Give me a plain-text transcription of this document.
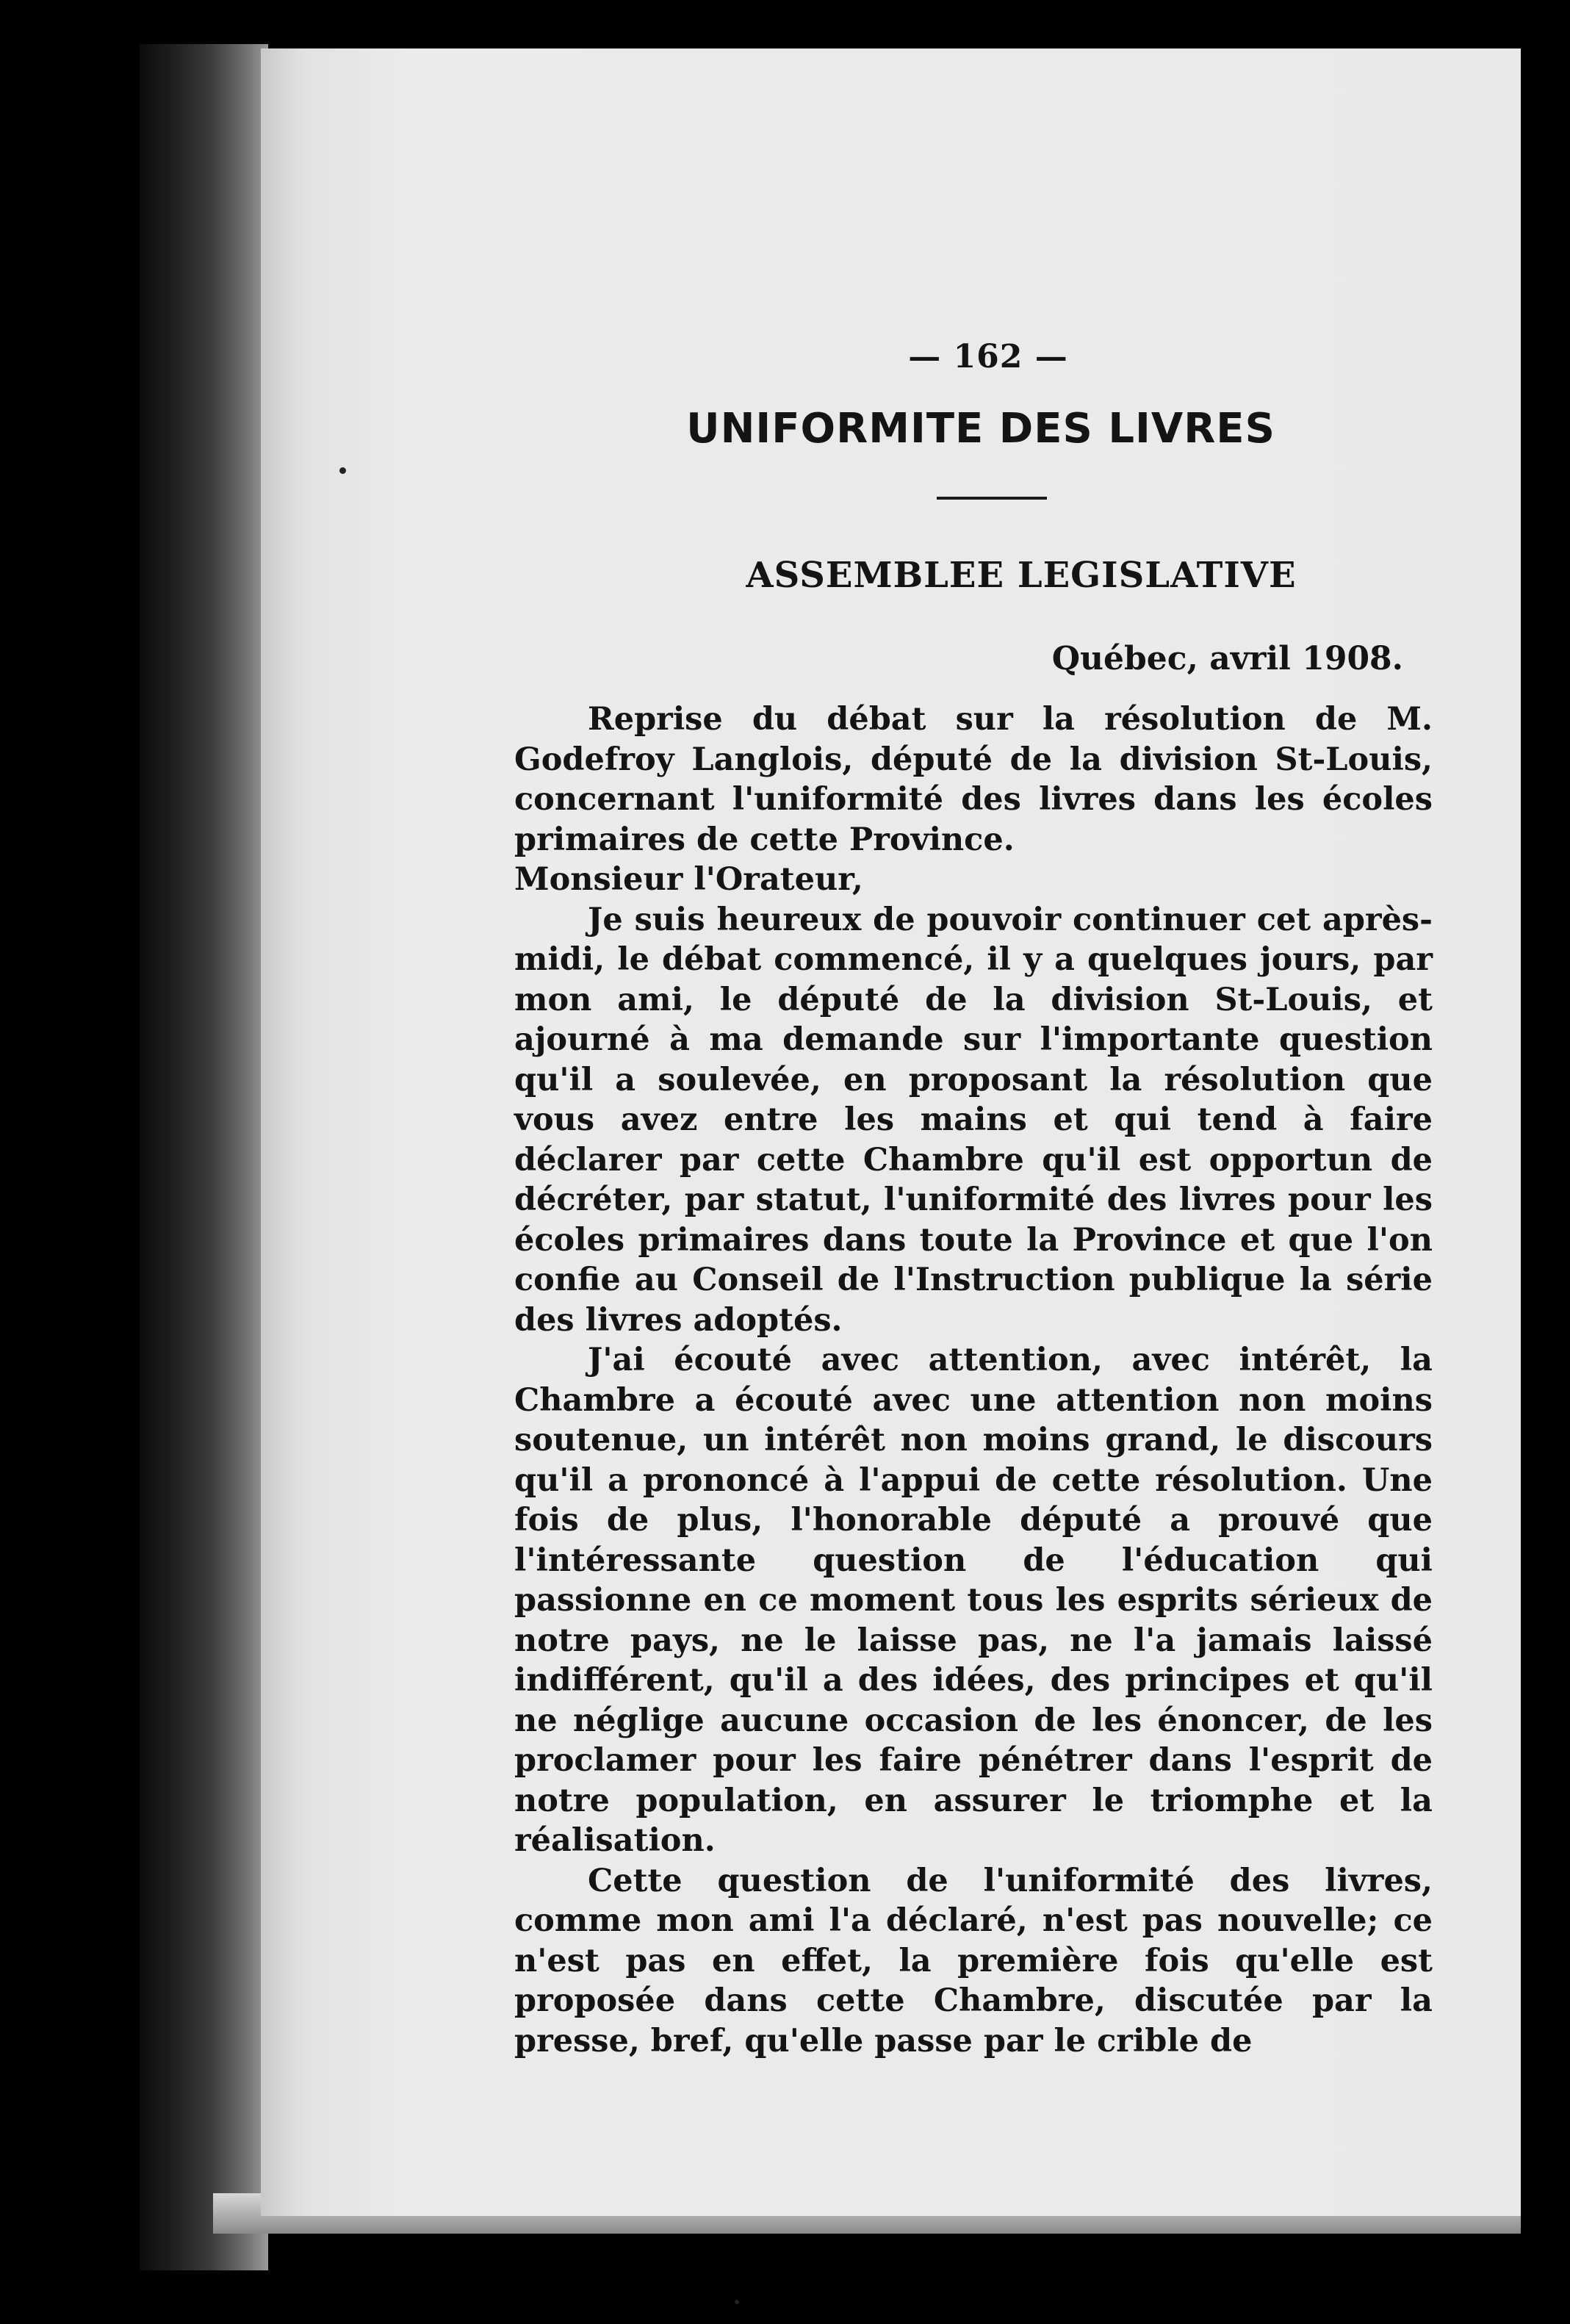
— 162 —
UNIFORMITE DES LIVRES
ASSEMBLEE LEGISLATIVE
Québec, avril 1908.

Reprise du débat sur la résolution de M. Godefroy Langlois, député de la division St-Louis, concernant l'uniformité des livres dans les écoles primaires de cette Province.

Monsieur l'Orateur,

Je suis heureux de pouvoir continuer cet après-midi, le débat commencé, il y a quelques jours, par mon ami, le député de la division St-Louis, et ajourné à ma demande sur l'importante question qu'il a soulevée, en proposant la résolution que vous avez entre les mains et qui tend à faire déclarer par cette Chambre qu'il est opportun de décréter, par statut, l'uniformité des livres pour les écoles primaires dans toute la Province et que l'on confie au Conseil de l'Instruction publique la série des livres adoptés.

J'ai écouté avec attention, avec intérêt, la Chambre a écouté avec une attention non moins soutenue, un intérêt non moins grand, le discours qu'il a prononcé à l'appui de cette résolution. Une fois de plus, l'honorable député a prouvé que l'intéressante question de l'éducation qui passionne en ce moment tous les esprits sérieux de notre pays, ne le laisse pas, ne l'a jamais laissé indifférent, qu'il a des idées, des principes et qu'il ne néglige aucune occasion de les énoncer, de les proclamer pour les faire pénétrer dans l'esprit de notre population, en assurer le triomphe et la réalisation.

Cette question de l'uniformité des livres, comme mon ami l'a déclaré, n'est pas nouvelle; ce n'est pas en effet, la première fois qu'elle est proposée dans cette Chambre, discutée par la presse, bref, qu'elle passe par le crible de
